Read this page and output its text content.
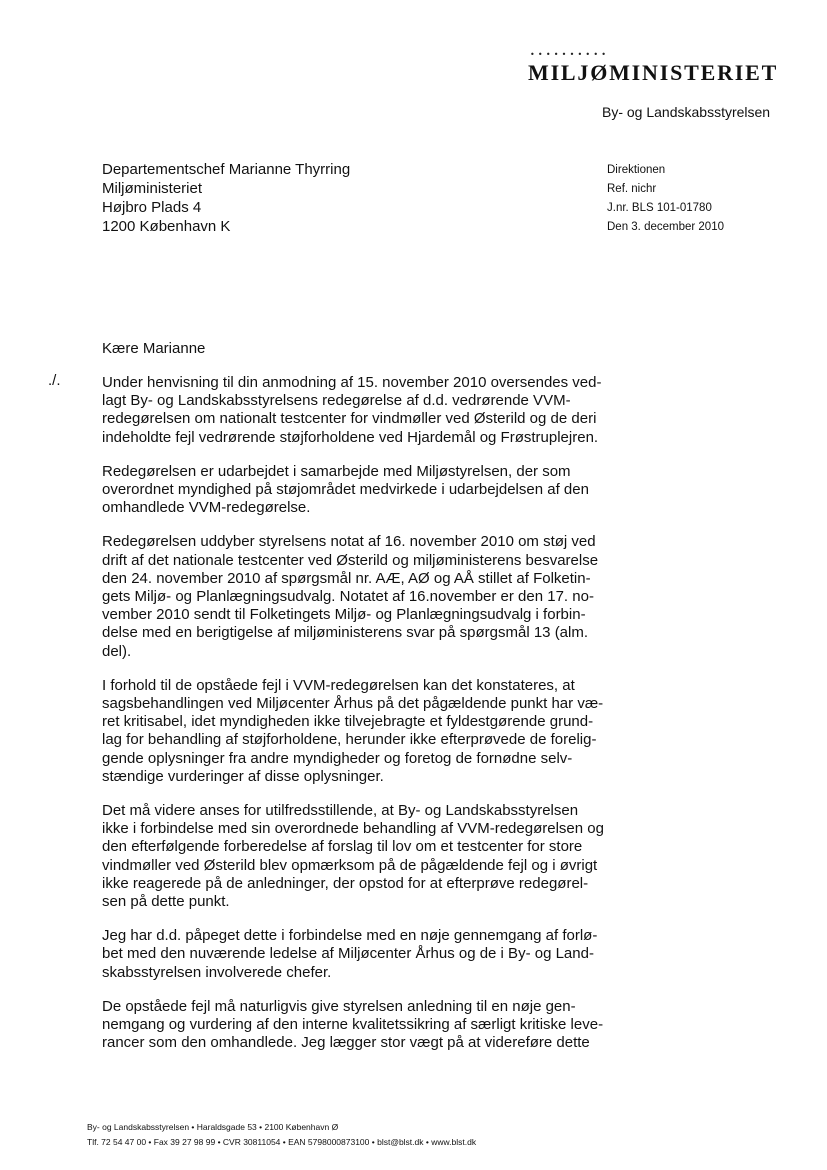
••••••••••
MILJØMINISTERIET
By- og Landskabsstyrelsen
Departementschef Marianne Thyrring
Miljøministeriet
Højbro Plads 4
1200 København K
Direktionen
Ref. nichr
J.nr. BLS 101-01780
Den 3. december 2010
Kære Marianne
./.	Under henvisning til din anmodning af 15. november 2010 oversendes ved-
lagt By- og Landskabsstyrelsens redegørelse af d.d. vedrørende VVM-
redegørelsen om nationalt testcenter for vindmøller ved Østerild og de deri
indeholdte fejl vedrørende støjforholdene ved Hjardemål og Frøstruplejren.
Redegørelsen er udarbejdet i samarbejde med Miljøstyrelsen, der som
overordnet myndighed på støjområdet medvirkede i udarbejdelsen af den
omhandlede VVM-redegørelse.
Redegørelsen uddyber styrelsens notat af 16. november 2010 om støj ved
drift af det nationale testcenter ved Østerild og miljøministerens besvarelse
den 24. november 2010 af spørgsmål nr. AÆ, AØ og AÅ stillet af Folketin-
gets Miljø- og Planlægningsudvalg. Notatet af 16.november er den 17. no-
vember 2010 sendt til Folketingets Miljø- og Planlægningsudvalg i forbin-
delse med en berigtigelse af miljøministerens svar på spørgsmål 13 (alm.
del).
I forhold til de opståede fejl i VVM-redegørelsen kan det konstateres, at
sagsbehandlingen ved Miljøcenter Århus på det pågældende punkt har væ-
ret kritisabel, idet myndigheden ikke tilvejebragte et fyldestgørende grund-
lag for behandling af støjforholdene, herunder ikke efterprøvede de forelig-
gende oplysninger fra andre myndigheder og foretog de fornødne selv-
stændige vurderinger af disse oplysninger.
Det må videre anses for utilfredsstillende, at By- og Landskabsstyrelsen
ikke i forbindelse med sin overordnede behandling af VVM-redegørelsen og
den efterfølgende forberedelse af forslag til lov om et testcenter for store
vindmøller ved Østerild blev opmærksom på de pågældende fejl og i øvrigt
ikke reagerede på de anledninger, der opstod for at efterprøve redegørel-
sen på dette punkt.
Jeg har d.d. påpeget dette i forbindelse med en nøje gennemgang af forlø-
bet med den nuværende ledelse af Miljøcenter Århus og de i By- og Land-
skabsstyrelsen involverede chefer.
De opståede fejl må naturligvis give styrelsen anledning til en nøje gen-
nemgang og vurdering af den interne kvalitetssikring af særligt kritiske leve-
rancer som den omhandlede. Jeg lægger stor vægt på at videreføre dette
By- og Landskabsstyrelsen • Haraldsgade 53 • 2100 København Ø
Tlf. 72 54 47 00 • Fax 39 27 98 99 • CVR 30811054 • EAN 5798000873100 • blst@blst.dk • www.blst.dk
